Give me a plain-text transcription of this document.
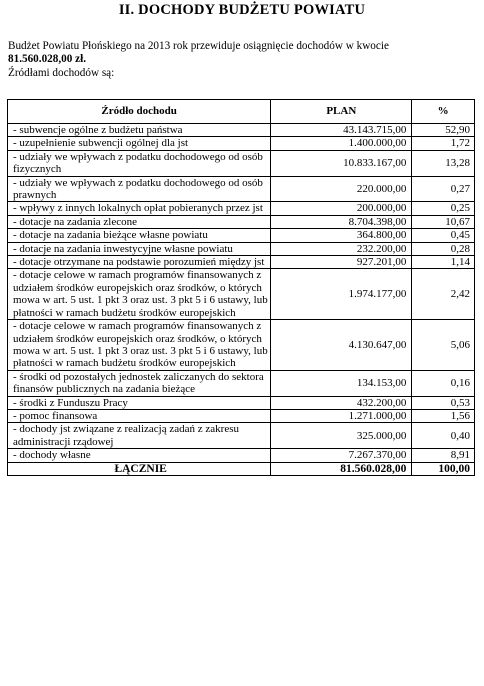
II. DOCHODY BUDŻETU POWIATU
Budżet Powiatu Płońskiego na 2013 rok przewiduje osiągnięcie dochodów w kwocie
81.560.028,00 zł.
Źródłami dochodów są:
Źródło dochodu	PLAN	%
- subwencje ogólne z budżetu państwa	43.143.715,00	52,90
- uzupełnienie subwencji ogólnej dla jst	1.400.000,00	1,72
- udziały we wpływach z podatku dochodowego od osób fizycznych	10.833.167,00	13,28
- udziały we wpływach z podatku dochodowego od osób prawnych	220.000,00	0,27
- wpływy z innych lokalnych opłat pobieranych przez jst	200.000,00	0,25
- dotacje na zadania zlecone	8.704.398,00	10,67
- dotacje na zadania bieżące własne powiatu	364.800,00	0,45
- dotacje na zadania inwestycyjne własne powiatu	232.200,00	0,28
- dotacje otrzymane na podstawie porozumień między jst	927.201,00	1,14
- dotacje celowe w ramach programów finansowanych z udziałem środków europejskich oraz środków, o których mowa w art. 5 ust. 1 pkt 3 oraz ust. 3 pkt 5 i 6 ustawy, lub płatności w ramach budżetu środków europejskich	1.974.177,00	2,42
- dotacje celowe w ramach programów finansowanych z udziałem środków europejskich oraz środków, o których mowa w art. 5 ust. 1 pkt 3 oraz ust. 3 pkt 5 i 6 ustawy, lub płatności w ramach budżetu środków europejskich	4.130.647,00	5,06
- środki od pozostałych jednostek zaliczanych do sektora finansów publicznych na zadania bieżące	134.153,00	0,16
- środki z Funduszu Pracy	432.200,00	0,53
- pomoc finansowa	1.271.000,00	1,56
- dochody jst związane z realizacją zadań z zakresu administracji rządowej	325.000,00	0,40
- dochody własne	7.267.370,00	8,91
ŁĄCZNIE	81.560.028,00	100,00
